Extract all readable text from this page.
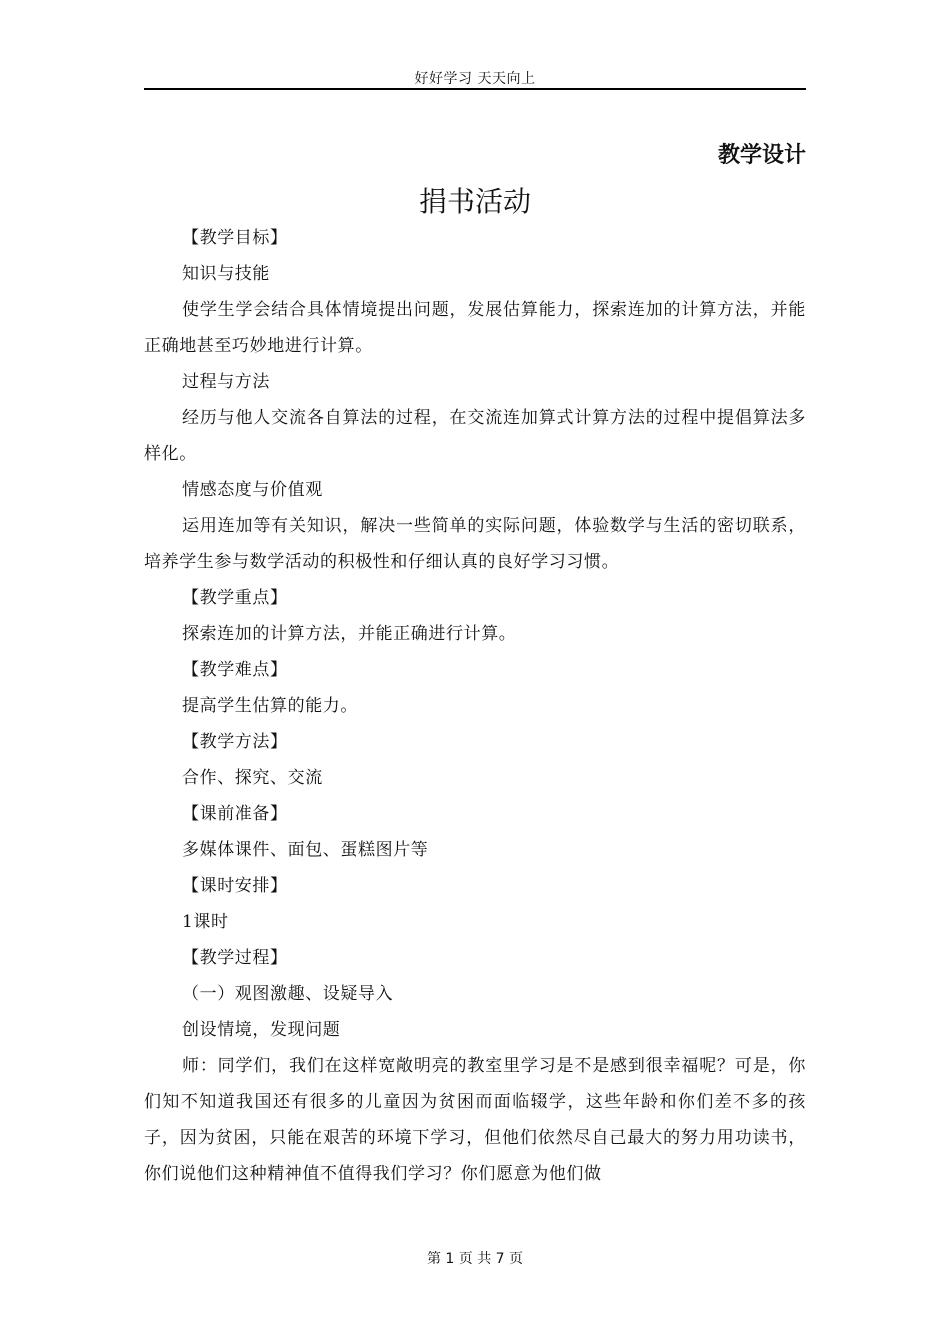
好好学习 天天向上
教学设计
捐书活动

【教学目标】

知识与技能

使学生学会结合具体情境提出问题，发展估算能力，探索连加的计算方法，并能正确地甚至巧妙地进行计算。

过程与方法

经历与他人交流各自算法的过程，在交流连加算式计算方法的过程中提倡算法多样化。

情感态度与价值观

运用连加等有关知识，解决一些简单的实际问题，体验数学与生活的密切联系，培养学生参与数学活动的积极性和仔细认真的良好学习习惯。

【教学重点】

探索连加的计算方法，并能正确进行计算。

【教学难点】

提高学生估算的能力。

【教学方法】

合作、探究、交流

【课前准备】

多媒体课件、面包、蛋糕图片等

【课时安排】

1课时

【教学过程】

（一）观图激趣、设疑导入

创设情境，发现问题

师：同学们，我们在这样宽敞明亮的教室里学习是不是感到很幸福呢？可是，你们知不知道我国还有很多的儿童因为贫困而面临辍学，这些年龄和你们差不多的孩子，因为贫困，只能在艰苦的环境下学习，但他们依然尽自己最大的努力用功读书，你们说他们这种精神值不值得我们学习？你们愿意为他们做

第 1 页 共 7 页
